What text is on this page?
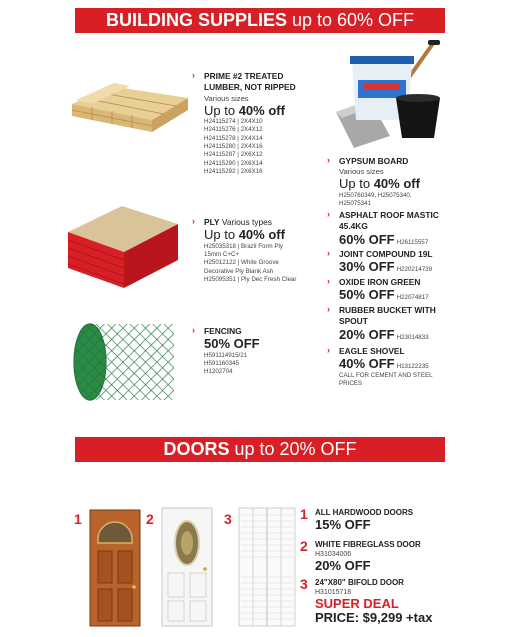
BUILDING SUPPLIES up to 60% OFF
› PRIME #2 TREATED
LUMBER, NOT RIPPED
Various sizes
Up to 40% off
H24115274 | 2X4X10
H24115276 | 2X4X12
H24115278 | 2X4X14
H24115280 | 2X4X16
H24115287 | 2X6X12
H24115290 | 2X6X14
H24115292 | 2X6X16
› PLY Various types
Up to 40% off
H25035318 | Brazil Form Ply
15mm C+C+
H25012122 | White Groove
Decorative Ply Blank Ash
H25095351 | Ply Dec Fresh Clear
› FENCING
50% OFF
H591114915/21
H591160345
H1202704
› GYPSUM BOARD
Various sizes
Up to 40% off
H25076034​9, H25075340,
H25075341
› ASPHALT ROOF MASTIC
45.4KG
60% OFF H26115557
› JOINT COMPOUND 19L
30% OFF H220214739
› OXIDE IRON GREEN
50% OFF H22074817
› RUBBER BUCKET WITH
SPOUT
20% OFF H23014833
› EAGLE SHOVEL
40% OFF H13122235
CALL FOR CEMENT AND STEEL
PRICES
DOORS up to 20% OFF
1	2	3	1 ALL HARDWOOD DOORS
15% OFF
2 WHITE FIBREGLASS DOOR
H31034006
20% OFF
3 24"X80" BIFOLD DOOR
H31015718
SUPER DEAL
PRICE: $9,299 +tax
